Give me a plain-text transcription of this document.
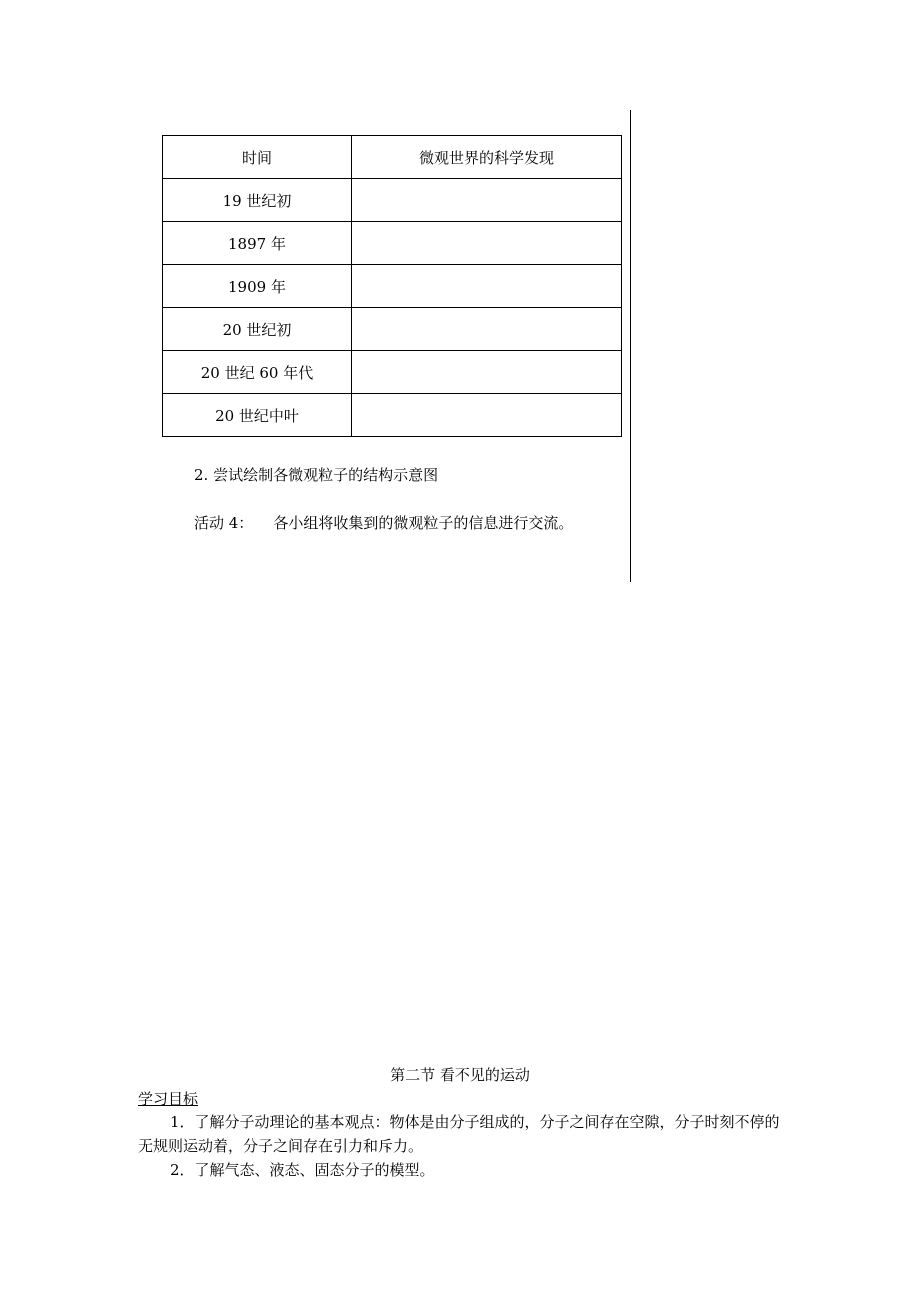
时间	微观世界的科学发现
19 世纪初	
1897 年	
1909 年	
20 世纪初	
20 世纪 60 年代	
20 世纪中叶	
2. 尝试绘制各微观粒子的结构示意图
活动 4： 各小组将收集到的微观粒子的信息进行交流。
第二节 看不见的运动
学习目标
1．了解分子动理论的基本观点：物体是由分子组成的，分子之间存在空隙，分子时刻不停的无规则运动着，分子之间存在引力和斥力。
2．了解气态、液态、固态分子的模型。
